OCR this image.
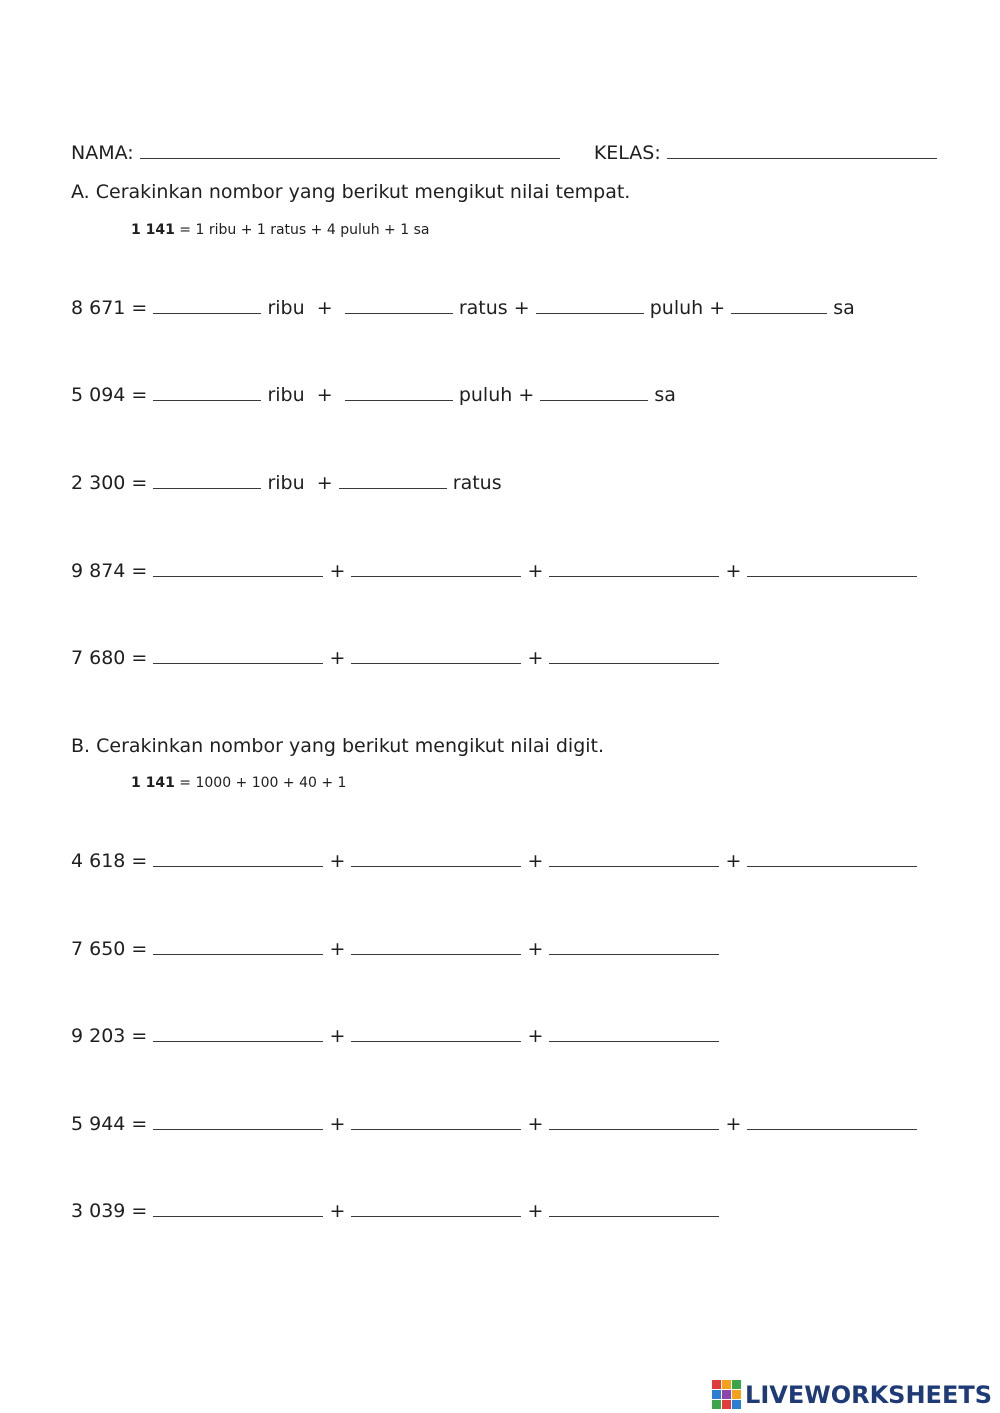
NAMA:	KELAS:
A. Cerakinkan nombor yang berikut mengikut nilai tempat.
1 141 = 1 ribu + 1 ratus + 4 puluh + 1 sa
8 671 =	ribu +	ratus +	puluh +	sa
5 094 =	ribu +	puluh +	sa
2 300 =	ribu +	ratus
9 874 =	+	+	+
7 680 =	+	+
B. Cerakinkan nombor yang berikut mengikut nilai digit.
1 141 = 1000 + 100 + 40 + 1
4 618 =	+	+	+
7 650 =	+	+
9 203 =	+	+
5 944 =	+	+	+
3 039 =	+	+
LIVEWORKSHEETS
